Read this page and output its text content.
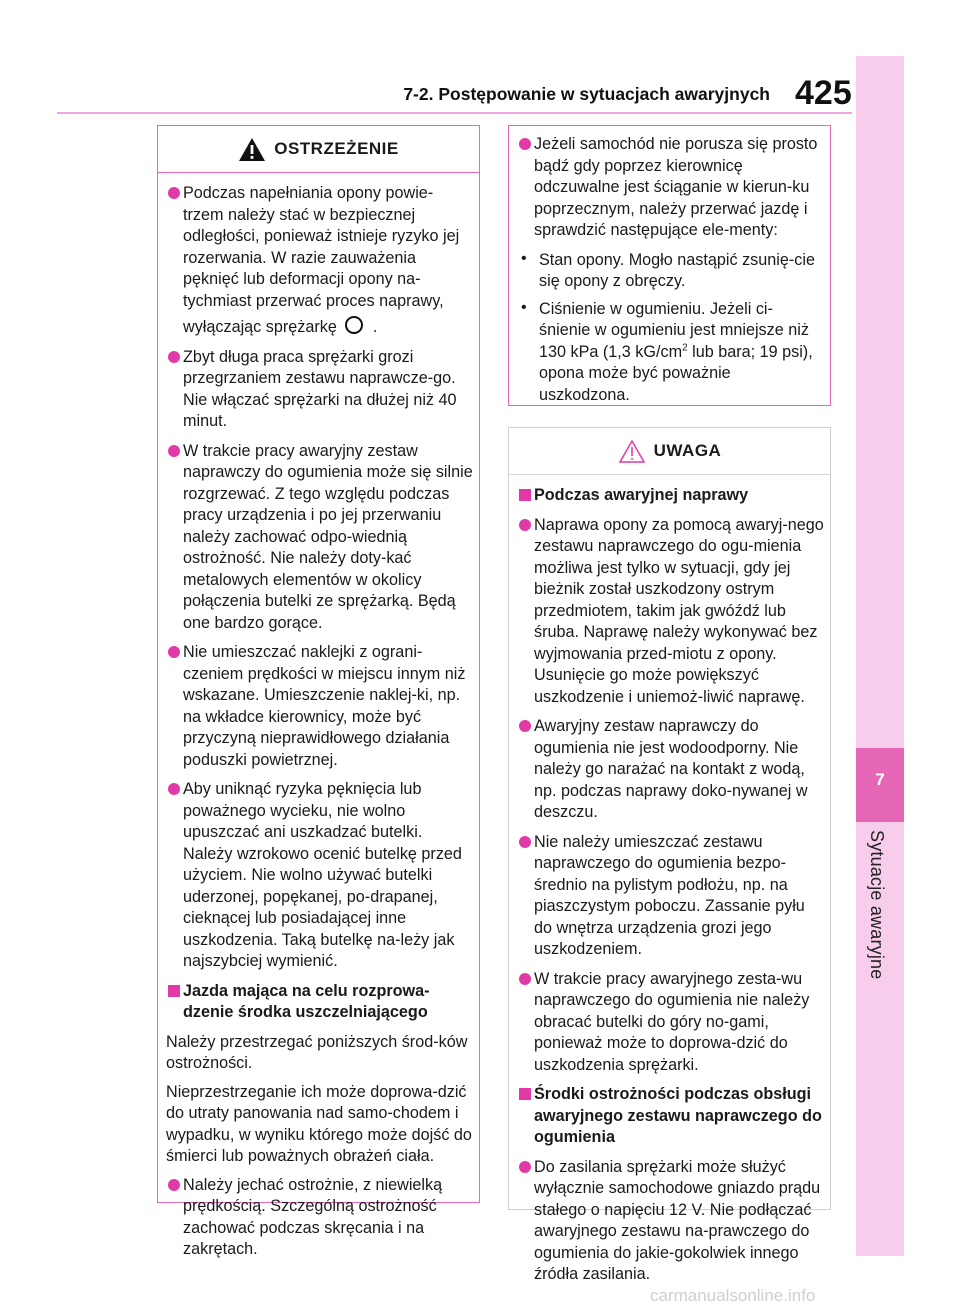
7-2. Postępowanie w sytuacjach awaryjnych 425
7
Sytuacje awaryjne
OSTRZEŻENIE
Podczas napełniania opony powie-trzem należy stać w bezpiecznej odległości, ponieważ istnieje ryzyko jej rozerwania. W razie zauważenia pęknięć lub deformacji opony na-tychmiast przerwać proces naprawy,
wyłączając sprężarkę .
Zbyt długa praca sprężarki grozi przegrzaniem zestawu naprawcze-go. Nie włączać sprężarki na dłużej niż 40 minut.
W trakcie pracy awaryjny zestaw naprawczy do ogumienia może się silnie rozgrzewać. Z tego względu podczas pracy urządzenia i po jej przerwaniu należy zachować odpo-wiednią ostrożność. Nie należy doty-kać metalowych elementów w okolicy połączenia butelki ze sprężarką. Będą one bardzo gorące.
Nie umieszczać naklejki z ograni-czeniem prędkości w miejscu innym niż wskazane. Umieszczenie naklej-ki, np. na wkładce kierownicy, może być przyczyną nieprawidłowego działania poduszki powietrznej.
Aby uniknąć ryzyka pęknięcia lub poważnego wycieku, nie wolno upuszczać ani uszkadzać butelki. Należy wzrokowo ocenić butelkę przed użyciem. Nie wolno używać butelki uderzonej, popękanej, po-drapanej, cieknącej lub posiadającej inne uszkodzenia. Taką butelkę na-leży jak najszybciej wymienić.
Jazda mająca na celu rozprowa-dzenie środka uszczelniającego

Należy przestrzegać poniższych środ-ków ostrożności.

Nieprzestrzeganie ich może doprowa-dzić do utraty panowania nad samo-chodem i wypadku, w wyniku którego może dojść do śmierci lub poważnych obrażeń ciała.

Należy jechać ostrożnie, z niewielką prędkością. Szczególną ostrożność zachować podczas skręcania i na zakrętach.
Jeżeli samochód nie porusza się prosto bądź gdy poprzez kierownicę odczuwalne jest ściąganie w kierun-ku poprzecznym, należy przerwać jazdę i sprawdzić następujące ele-menty:
• Stan opony. Mogło nastąpić zsunię-cie się opony z obręczy.
• Ciśnienie w ogumieniu. Jeżeli ci-śnienie w ogumieniu jest mniejsze niż 130 kPa (1,3 $kG/cm^2$ lub bara; 19 psi), opona może być poważnie uszkodzona.
UWAGA
Podczas awaryjnej naprawy
Naprawa opony za pomocą awaryj-nego zestawu naprawczego do ogu-mienia możliwa jest tylko w sytuacji, gdy jej bieżnik został uszkodzony ostrym przedmiotem, takim jak gwóźdź lub śruba. Naprawę należy wykonywać bez wyjmowania przed-miotu z opony. Usunięcie go może powiększyć uszkodzenie i uniemoż-liwić naprawę.
Awaryjny zestaw naprawczy do ogumienia nie jest wodoodporny. Nie należy go narażać na kontakt z wodą, np. podczas naprawy doko-nywanej w deszczu.
Nie należy umieszczać zestawu naprawczego do ogumienia bezpo-średnio na pylistym podłożu, np. na piaszczystym poboczu. Zassanie pyłu do wnętrza urządzenia grozi jego uszkodzeniem.
W trakcie pracy awaryjnego zesta-wu naprawczego do ogumienia nie należy obracać butelki do góry no-gami, ponieważ może to doprowa-dzić do uszkodzenia sprężarki.
Środki ostrożności podczas obsługi awaryjnego zestawu naprawczego do ogumienia
Do zasilania sprężarki może służyć wyłącznie samochodowe gniazdo prądu stałego o napięciu 12 V. Nie podłączać awaryjnego zestawu na-prawczego do ogumienia do jakie-gokolwiek innego źródła zasilania.
carmanualsonline.info
